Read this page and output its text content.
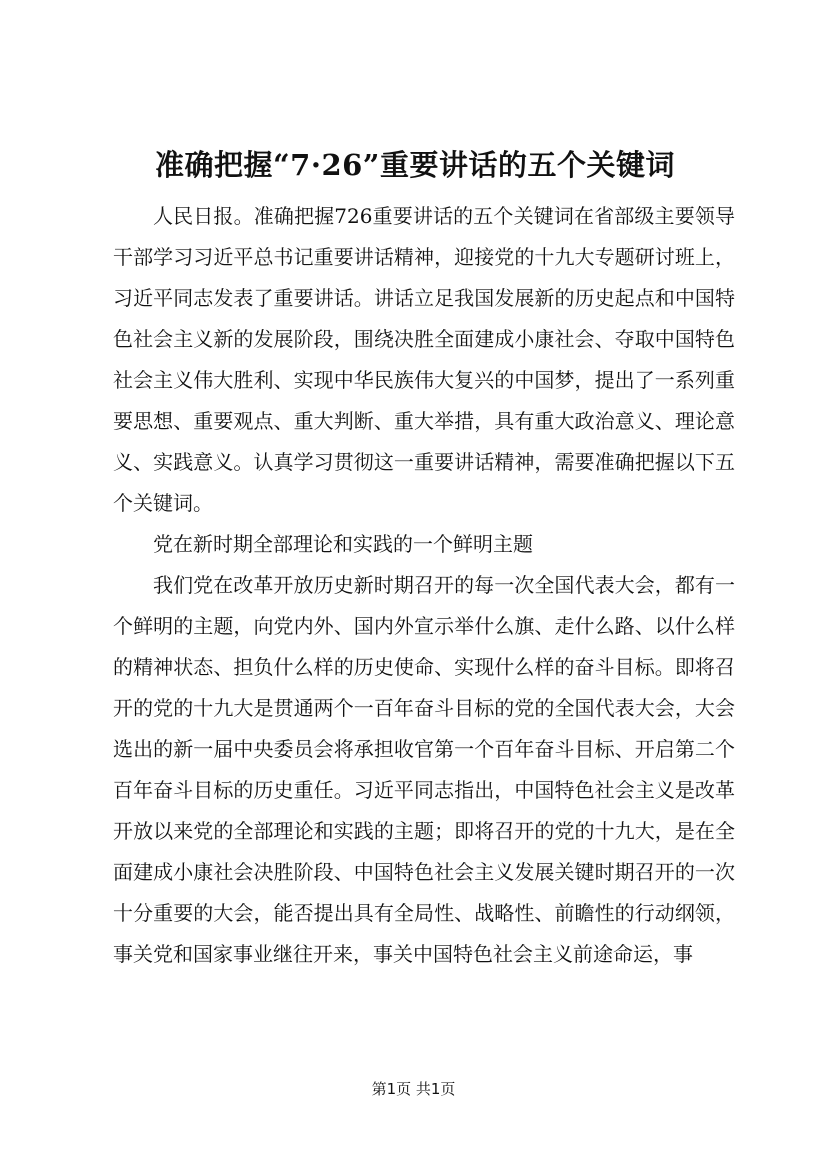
准确把握“7·26”重要讲话的五个关键词

人民日报。准确把握726重要讲话的五个关键词在省部级主要领导干部学习习近平总书记重要讲话精神，迎接党的十九大专题研讨班上，习近平同志发表了重要讲话。讲话立足我国发展新的历史起点和中国特色社会主义新的发展阶段，围绕决胜全面建成小康社会、夺取中国特色社会主义伟大胜利、实现中华民族伟大复兴的中国梦，提出了一系列重要思想、重要观点、重大判断、重大举措，具有重大政治意义、理论意义、实践意义。认真学习贯彻这一重要讲话精神，需要准确把握以下五个关键词。

党在新时期全部理论和实践的一个鲜明主题

我们党在改革开放历史新时期召开的每一次全国代表大会，都有一个鲜明的主题，向党内外、国内外宣示举什么旗、走什么路、以什么样的精神状态、担负什么样的历史使命、实现什么样的奋斗目标。即将召开的党的十九大是贯通两个一百年奋斗目标的党的全国代表大会，大会选出的新一届中央委员会将承担收官第一个百年奋斗目标、开启第二个百年奋斗目标的历史重任。习近平同志指出，中国特色社会主义是改革开放以来党的全部理论和实践的主题；即将召开的党的十九大，是在全面建成小康社会决胜阶段、中国特色社会主义发展关键时期召开的一次十分重要的大会，能否提出具有全局性、战略性、前瞻性的行动纲领，事关党和国家事业继往开来，事关中国特色社会主义前途命运，事

第1页 共1页
